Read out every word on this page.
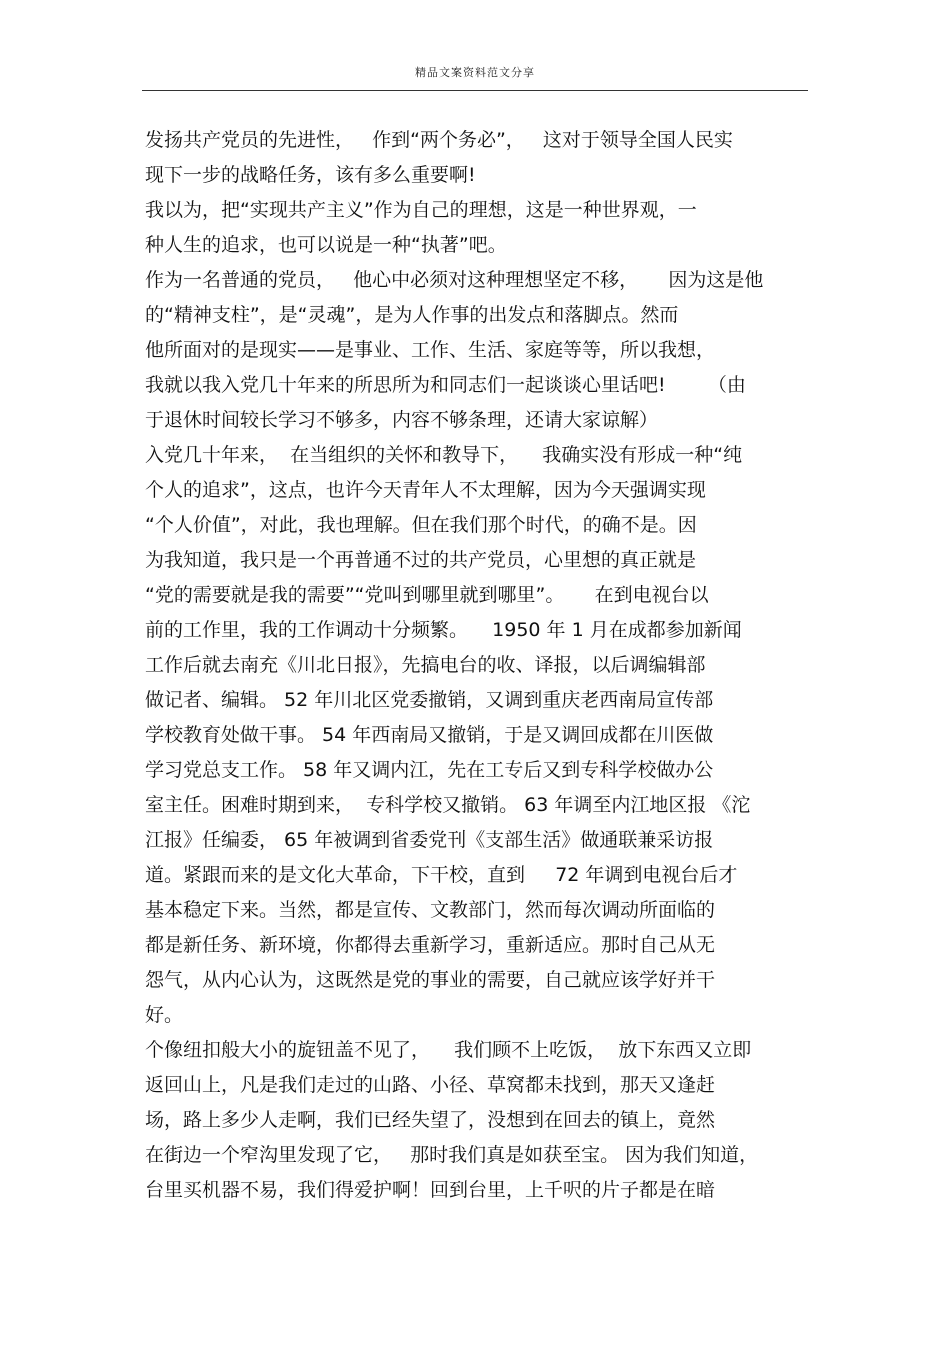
精品文案资料范文分享
发扬共产党员的先进性，   作到“两个务必”，   这对于领导全国人民实
现下一步的战略任务，该有多么重要啊!
我以为，把“实现共产主义”作为自己的理想，这是一种世界观，一
种人生的追求，也可以说是一种“执著”吧。
作为一名普通的党员，   他心中必须对这种理想坚定不移，     因为这是他
的“精神支柱”，是“灵魂”，是为人作事的出发点和落脚点。然而
他所面对的是现实——是事业、工作、生活、家庭等等，所以我想，
我就以我入党几十年来的所思所为和同志们一起谈谈心里话吧!       （由
于退休时间较长学习不够多，内容不够条理，还请大家谅解）
入党几十年来，  在当组织的关怀和教导下，    我确实没有形成一种“纯
个人的追求”，这点，也许今天青年人不太理解，因为今天强调实现
“个人价值”，对此，我也理解。但在我们那个时代，的确不是。因
为我知道，我只是一个再普通不过的共产党员，心里想的真正就是
“党的需要就是我的需要”“党叫到哪里就到哪里”。     在到电视台以
前的工作里，我的工作调动十分频繁。    1950 年 1 月在成都参加新闻
工作后就去南充《川北日报》，先搞电台的收、译报，以后调编辑部
做记者、编辑。 52 年川北区党委撤销，又调到重庆老西南局宣传部
学校教育处做干事。 54 年西南局又撤销，于是又调回成都在川医做
学习党总支工作。 58 年又调内江，先在工专后又到专科学校做办公
室主任。困难时期到来，  专科学校又撤销。 63 年调至内江地区报 《沱
江报》任编委， 65 年被调到省委党刊《支部生活》做通联兼采访报
道。紧跟而来的是文化大革命，下干校，直到     72 年调到电视台后才
基本稳定下来。当然，都是宣传、文教部门，然而每次调动所面临的
都是新任务、新环境，你都得去重新学习，重新适应。那时自己从无
怨气，从内心认为，这既然是党的事业的需要，自己就应该学好并干
好。
个像纽扣般大小的旋钮盖不见了，    我们顾不上吃饭，  放下东西又立即
返回山上，凡是我们走过的山路、小径、草窝都未找到，那天又逢赶
场，路上多少人走啊，我们已经失望了，没想到在回去的镇上，竟然
在街边一个窄沟里发现了它，   那时我们真是如获至宝。 因为我们知道，
台里买机器不易，我们得爱护啊！回到台里，上千呎的片子都是在暗
